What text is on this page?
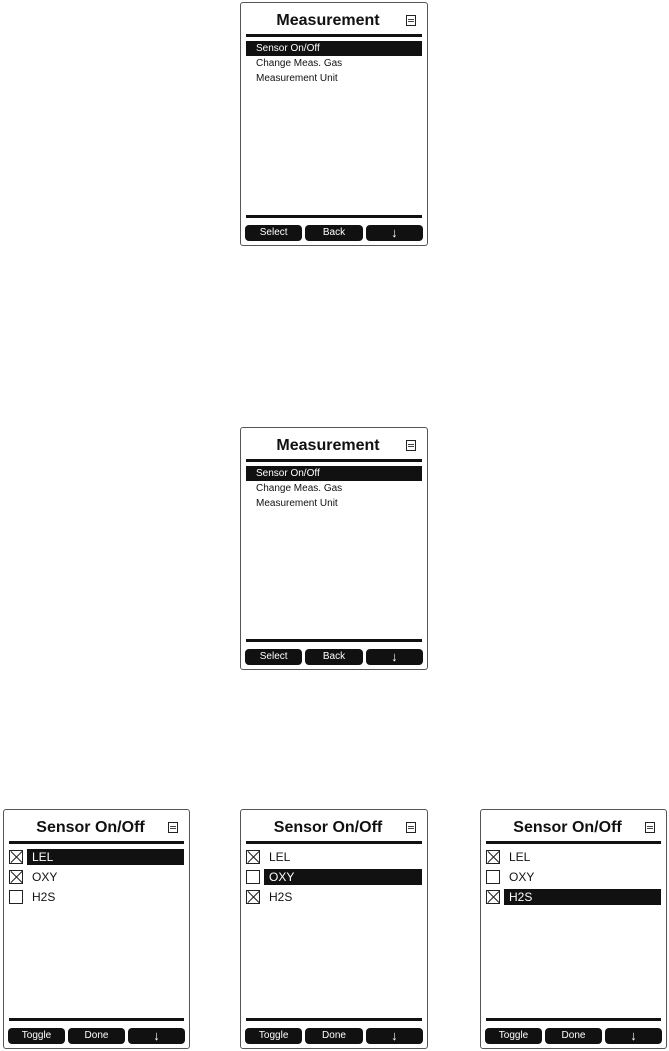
Measurement
Sensor On/Off
Change Meas. Gas
Measurement Unit
Select	Back	↓
Measurement
Sensor On/Off
Change Meas. Gas
Measurement Unit
Select	Back	↓
Sensor On/Off
LEL
OXY
H2S
Toggle	Done	↓
Sensor On/Off
LEL
OXY
H2S
Toggle	Done	↓
Sensor On/Off
LEL
OXY
H2S
Toggle	Done	↓
